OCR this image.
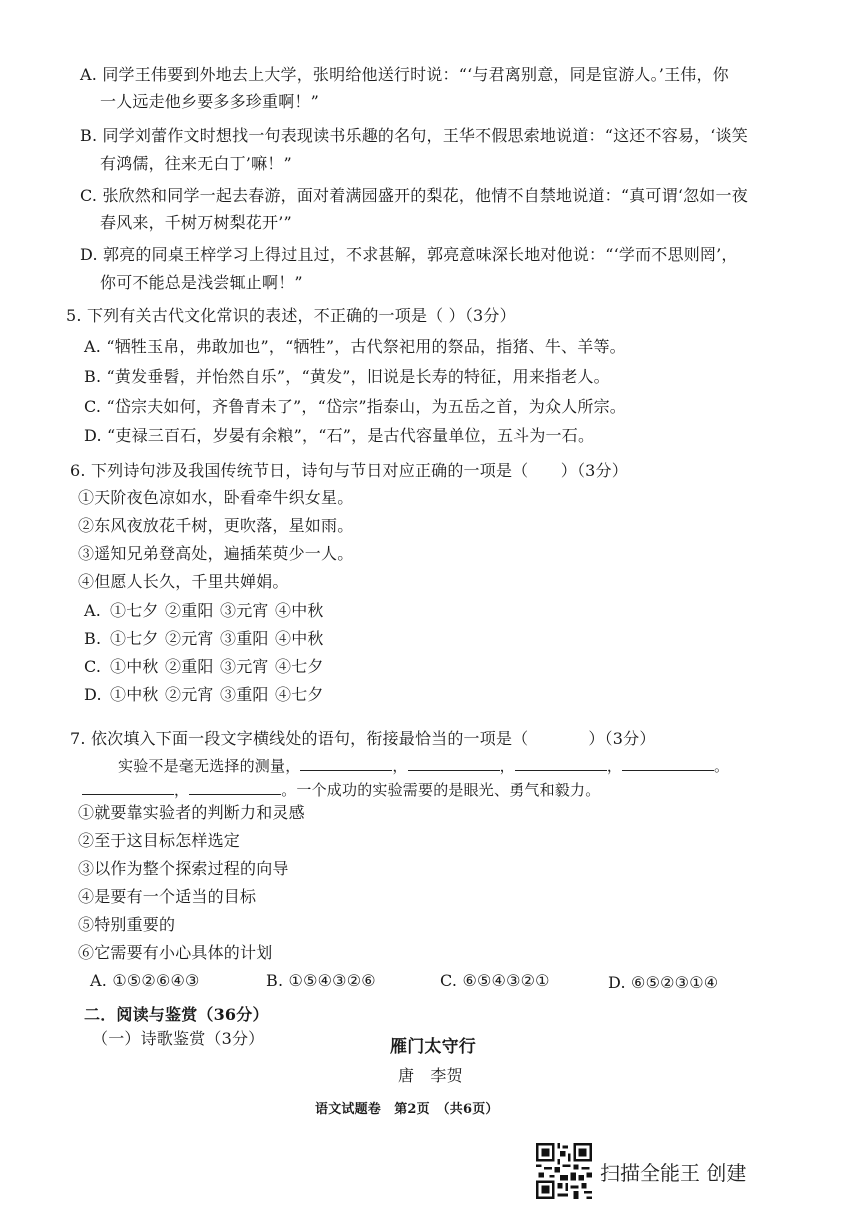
A. 同学王伟要到外地去上大学，张明给他送行时说：“‘与君离别意，同是宦游人。’王伟，你
一人远走他乡要多多珍重啊！”
B. 同学刘蕾作文时想找一句表现读书乐趣的名句，王华不假思索地说道：“这还不容易，‘谈笑
有鸿儒，往来无白丁’嘛！”
C. 张欣然和同学一起去春游，面对着满园盛开的梨花，他情不自禁地说道：“真可谓‘忽如一夜
春风来，千树万树梨花开’”
D. 郭亮的同桌王梓学习上得过且过，不求甚解，郭亮意味深长地对他说：“‘学而不思则罔’，
你可不能总是浅尝辄止啊！”
5. 下列有关古代文化常识的表述，不正确的一项是（ ）（3分）
A. “牺牲玉帛，弗敢加也”，“牺牲”，古代祭祀用的祭品，指猪、牛、羊等。
B. “黄发垂髫，并怡然自乐”，“黄发”，旧说是长寿的特征，用来指老人。
C. “岱宗夫如何，齐鲁青未了”，“岱宗”指泰山，为五岳之首，为众人所宗。
D. “吏禄三百石，岁晏有余粮”，“石”，是古代容量单位，五斗为一石。
6. 下列诗句涉及我国传统节日，诗句与节日对应正确的一项是（　　）（3分）
①天阶夜色凉如水，卧看牵牛织女星。
②东风夜放花千树，更吹落，星如雨。
③遥知兄弟登高处，遍插茱萸少一人。
④但愿人长久，千里共婵娟。
A. ①七夕 ②重阳 ③元宵 ④中秋
B. ①七夕 ②元宵 ③重阳 ④中秋
C. ①中秋 ②重阳 ③元宵 ④七夕
D. ①中秋 ②元宵 ③重阳 ④七夕
7. 依次填入下面一段文字横线处的语句，衔接最恰当的一项是（	）（3分）
实验不是毫无选择的测量，	，	，	，	。
，	。一个成功的实验需要的是眼光、勇气和毅力。
①就要靠实验者的判断力和灵感
②至于这目标怎样选定
③以作为整个探索过程的向导
④是要有一个适当的目标
⑤特别重要的
⑥它需要有小心具体的计划
A. ①⑤②⑥④③	B. ①⑤④③②⑥	C. ⑥⑤④③②①	D. ⑥⑤②③①④
二．阅读与鉴赏（36分）
（一）诗歌鉴赏（3分）	雁门太守行
唐　李贺
语文试题卷　第2页　（共6页）
扫描全能王 创建
